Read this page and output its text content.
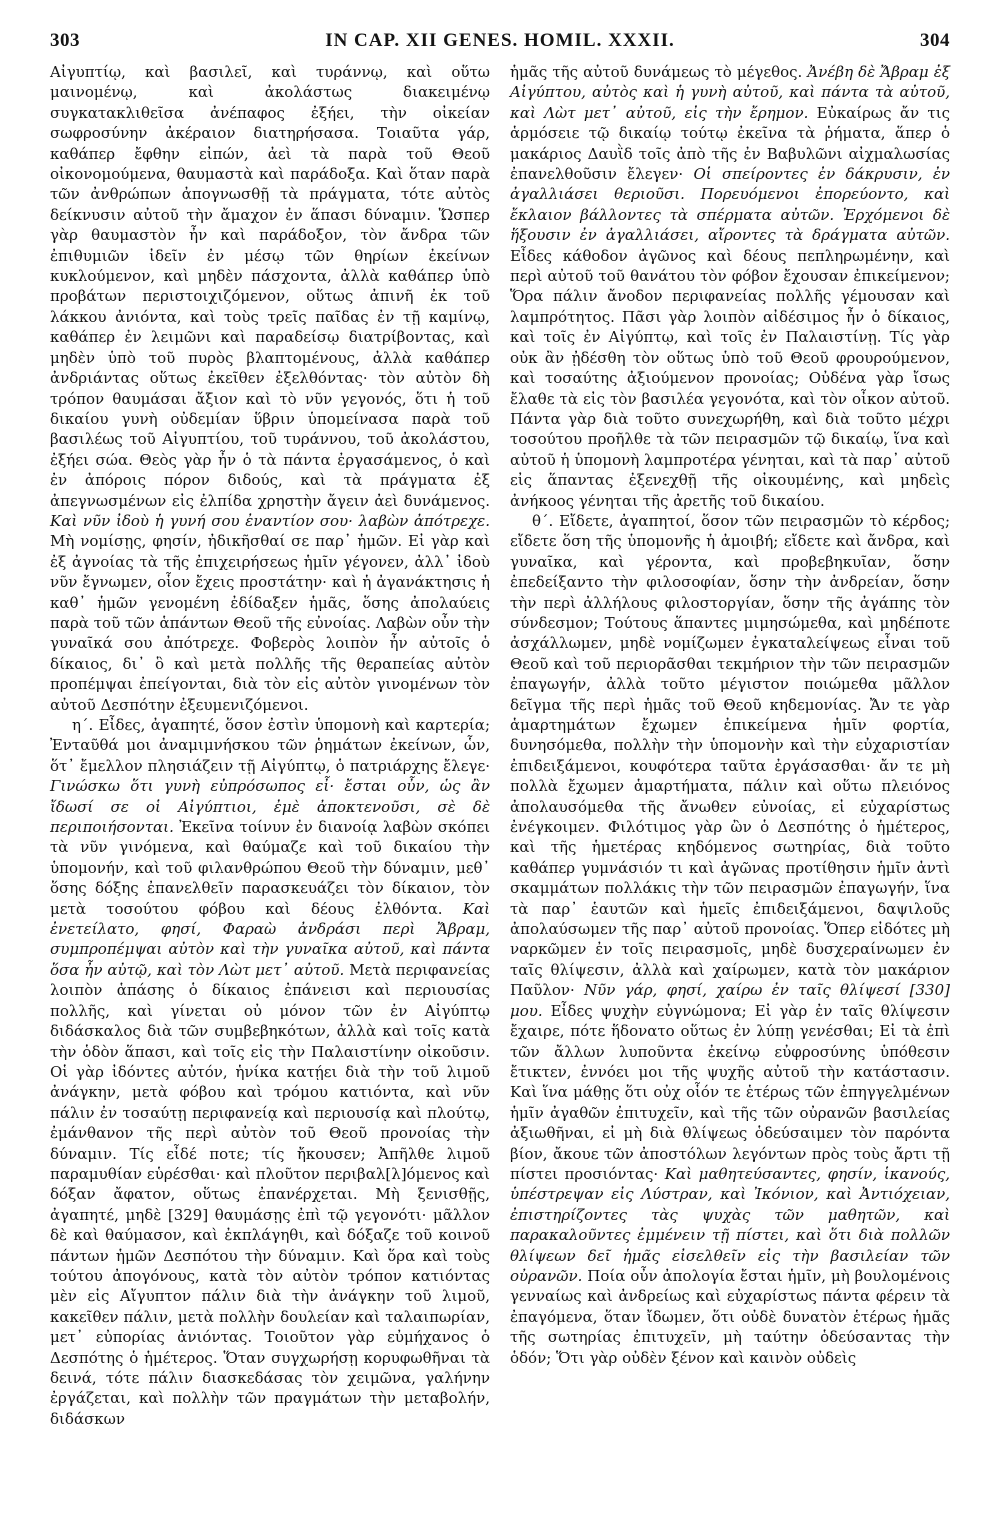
303	IN CAP. XII GENES. HOMIL. XXXII.	304

Αἰγυπτίῳ, καὶ βασιλεῖ, καὶ τυράννῳ, καὶ οὕτω μαινομένῳ, καὶ ἀκολάστως διακειμένῳ συγκατακλιθεῖσα ἀνέπαφος ἐξήει, τὴν οἰκείαν σωφροσύνην ἀκέραιον διατηρήσασα. Τοιαῦτα γάρ, καθάπερ ἔφθην εἰπών, ἀεὶ τὰ παρὰ τοῦ Θεοῦ οἰκονομούμενα, θαυμαστὰ καὶ παράδοξα. Καὶ ὅταν παρὰ τῶν ἀνθρώπων ἀπογνωσθῇ τὰ πράγματα, τότε αὐτὸς δείκνυσιν αὐτοῦ τὴν ἄμαχον ἐν ἅπασι δύναμιν. Ὥσπερ γὰρ θαυμαστὸν ἦν καὶ παράδοξον, τὸν ἄνδρα τῶν ἐπιθυμιῶν ἰδεῖν ἐν μέσῳ τῶν θηρίων ἐκείνων κυκλούμενον, καὶ μηδὲν πάσχοντα, ἀλλὰ καθάπερ ὑπὸ προβάτων περιστοιχιζόμενον, οὕτως ἀπινῆ ἐκ τοῦ λάκκου ἀνιόντα, καὶ τοὺς τρεῖς παῖδας ἐν τῇ καμίνῳ, καθάπερ ἐν λειμῶνι καὶ παραδείσῳ διατρίβοντας, καὶ μηδὲν ὑπὸ τοῦ πυρὸς βλαπτομένους, ἀλλὰ καθάπερ ἀνδριάντας οὕτως ἐκεῖθεν ἐξελθόντας· τὸν αὐτὸν δὴ τρόπον θαυμάσαι ἄξιον καὶ τὸ νῦν γεγονός, ὅτι ἡ τοῦ δικαίου γυνὴ οὐδεμίαν ὕβριν ὑπομείνασα παρὰ τοῦ βασιλέως τοῦ Αἰγυπτίου, τοῦ τυράννου, τοῦ ἀκολάστου, ἐξήει σώα. Θεὸς γὰρ ἦν ὁ τὰ πάντα ἐργασάμενος, ὁ καὶ ἐν ἀπόροις πόρον διδούς, καὶ τὰ πράγματα ἐξ ἀπεγνωσμένων εἰς ἐλπίδα χρηστὴν ἄγειν ἀεὶ δυνάμενος. Καὶ νῦν ἰδοὺ ἡ γυνή σου ἐναντίον σου· λαβὼν ἀπότρεχε. Μὴ νομίσῃς, φησίν, ἠδικῆσθαί σε παρ᾽ ἡμῶν. Εἰ γὰρ καὶ ἐξ ἀγνοίας τὰ τῆς ἐπιχειρήσεως ἡμῖν γέγονεν, ἀλλ᾽ ἰδοὺ νῦν ἔγνωμεν, οἷον ἔχεις προστάτην· καὶ ἡ ἀγανάκτησις ἡ καθ᾽ ἡμῶν γενομένη ἐδίδαξεν ἡμᾶς, ὅσης ἀπολαύεις παρὰ τοῦ τῶν ἁπάντων Θεοῦ τῆς εὐνοίας. Λαβὼν οὖν τὴν γυναῖκά σου ἀπότρεχε. Φοβερὸς λοιπὸν ἦν αὐτοῖς ὁ δίκαιος, δι᾽ ὃ καὶ μετὰ πολλῆς τῆς θεραπείας αὐτὸν προπέμψαι ἐπείγονται, διὰ τὸν εἰς αὐτὸν γινομένων τὸν αὐτοῦ Δεσπότην ἐξευμενιζόμενοι.

η΄. Εἶδες, ἀγαπητέ, ὅσον ἐστὶν ὑπομονὴ καὶ καρτερία; Ἐνταῦθά μοι ἀναμιμνήσκου τῶν ῥημάτων ἐκείνων, ὧν, ὅτ᾽ ἔμελλον πλησιάζειν τῇ Αἰγύπτῳ, ὁ πατριάρχης ἔλεγε· Γινώσκω ὅτι γυνὴ εὐπρόσωπος εἶ· ἔσται οὖν, ὡς ἂν ἴδωσί σε οἱ Αἰγύπτιοι, ἐμὲ ἀποκτενοῦσι, σὲ δὲ περιποιήσονται. Ἐκεῖνα τοίνυν ἐν διανοίᾳ λαβὼν σκόπει τὰ νῦν γινόμενα, καὶ θαύμαζε καὶ τοῦ δικαίου τὴν ὑπομονήν, καὶ τοῦ φιλανθρώπου Θεοῦ τὴν δύναμιν, μεθ᾽ ὅσης δόξης ἐπανελθεῖν παρασκευάζει τὸν δίκαιον, τὸν μετὰ τοσούτου φόβου καὶ δέους ἐλθόντα. Καὶ ἐνετείλατο, φησί, Φαραὼ ἀνδράσι περὶ Ἄβραμ, συμπροπέμψαι αὐτὸν καὶ τὴν γυναῖκα αὐτοῦ, καὶ πάντα ὅσα ἦν αὐτῷ, καὶ τὸν Λὼτ μετ᾽ αὐτοῦ. Μετὰ περιφανείας λοιπὸν ἁπάσης ὁ δίκαιος ἐπάνεισι καὶ περιουσίας πολλῆς, καὶ γίνεται οὐ μόνον τῶν ἐν Αἰγύπτῳ διδάσκαλος διὰ τῶν συμβεβηκότων, ἀλλὰ καὶ τοῖς κατὰ τὴν ὁδὸν ἅπασι, καὶ τοῖς εἰς τὴν Παλαιστίνην οἰκοῦσιν. Οἱ γὰρ ἰδόντες αὐτόν, ἡνίκα κατῄει διὰ τὴν τοῦ λιμοῦ ἀνάγκην, μετὰ φόβου καὶ τρόμου κατιόντα, καὶ νῦν πάλιν ἐν τοσαύτῃ περιφανείᾳ καὶ περιουσίᾳ καὶ πλούτῳ, ἐμάνθανον τῆς περὶ αὐτὸν τοῦ Θεοῦ προνοίας τὴν δύναμιν. Τίς εἶδέ ποτε; τίς ἤκουσεν; Ἀπῆλθε λιμοῦ παραμυθίαν εὑρέσθαι· καὶ πλοῦτον περιβαλ[λ]όμενος καὶ δόξαν ἄφατον, οὕτως ἐπανέρχεται. Μὴ ξενισθῇς, ἀγαπητέ, μηδὲ [329] θαυμάσῃς ἐπὶ τῷ γεγονότι· μᾶλλον δὲ καὶ θαύμασον, καὶ ἐκπλάγηθι, καὶ δόξαζε τοῦ κοινοῦ πάντων ἡμῶν Δεσπότου τὴν δύναμιν. Καὶ ὅρα καὶ τοὺς τούτου ἀπογόνους, κατὰ τὸν αὐτὸν τρόπον κατιόντας μὲν εἰς Αἴγυπτον πάλιν διὰ τὴν ἀνάγκην τοῦ λιμοῦ, κακεῖθεν πάλιν, μετὰ πολλὴν δουλείαν καὶ ταλαιπωρίαν, μετ᾽ εὐπορίας ἀνιόντας. Τοιοῦτον γὰρ εὐμήχανος ὁ Δεσπότης ὁ ἡμέτερος. Ὅταν συγχωρήσῃ κορυφωθῆναι τὰ δεινά, τότε πάλιν διασκεδάσας τὸν χειμῶνα, γαλήνην ἐργάζεται, καὶ πολλὴν τῶν πραγμάτων τὴν μεταβολήν, διδάσκων

ἡμᾶς τῆς αὐτοῦ δυνάμεως τὸ μέγεθος. Ἀνέβη δὲ Ἄβραμ ἐξ Αἰγύπτου, αὐτὸς καὶ ἡ γυνὴ αὐτοῦ, καὶ πάντα τὰ αὐτοῦ, καὶ Λὼτ μετ᾽ αὐτοῦ, εἰς τὴν ἔρημον. Εὐκαίρως ἄν τις ἁρμόσειε τῷ δικαίῳ τούτῳ ἐκεῖνα τὰ ῥήματα, ἅπερ ὁ μακάριος Δαυῒδ τοῖς ἀπὸ τῆς ἐν Βαβυλῶνι αἰχμαλωσίας ἐπανελθοῦσιν ἔλεγεν· Οἱ σπείροντες ἐν δάκρυσιν, ἐν ἀγαλλιάσει θεριοῦσι. Πορευόμενοι ἐπορεύοντο, καὶ ἔκλαιον βάλλοντες τὰ σπέρματα αὐτῶν. Ἐρχόμενοι δὲ ἥξουσιν ἐν ἀγαλλιάσει, αἴροντες τὰ δράγματα αὐτῶν. Εἶδες κάθοδον ἀγῶνος καὶ δέους πεπληρωμένην, καὶ περὶ αὐτοῦ τοῦ θανάτου τὸν φόβον ἔχουσαν ἐπικείμενον; Ὅρα πάλιν ἄνοδον περιφανείας πολλῆς γέμουσαν καὶ λαμπρότητος. Πᾶσι γὰρ λοιπὸν αἰδέσιμος ἦν ὁ δίκαιος, καὶ τοῖς ἐν Αἰγύπτῳ, καὶ τοῖς ἐν Παλαιστίνῃ. Τίς γὰρ οὐκ ἂν ᾐδέσθη τὸν οὕτως ὑπὸ τοῦ Θεοῦ φρουρούμενον, καὶ τοσαύτης ἀξιούμενον προνοίας; Οὐδένα γὰρ ἴσως ἔλαθε τὰ εἰς τὸν βασιλέα γεγονότα, καὶ τὸν οἶκον αὐτοῦ. Πάντα γὰρ διὰ τοῦτο συνεχωρήθη, καὶ διὰ τοῦτο μέχρι τοσούτου προῆλθε τὰ τῶν πειρασμῶν τῷ δικαίῳ, ἵνα καὶ αὐτοῦ ἡ ὑπομονὴ λαμπροτέρα γένηται, καὶ τὰ παρ᾽ αὐτοῦ εἰς ἅπαντας ἐξενεχθῇ τῆς οἰκουμένης, καὶ μηδεὶς ἀνήκοος γένηται τῆς ἀρετῆς τοῦ δικαίου.

θ΄. Εἴδετε, ἀγαπητοί, ὅσον τῶν πειρασμῶν τὸ κέρδος; εἴδετε ὅση τῆς ὑπομονῆς ἡ ἀμοιβή; εἴδετε καὶ ἄνδρα, καὶ γυναῖκα, καὶ γέροντα, καὶ προβεβηκυῖαν, ὅσην ἐπεδείξαντο τὴν φιλοσοφίαν, ὅσην τὴν ἀνδρείαν, ὅσην τὴν περὶ ἀλλήλους φιλοστοργίαν, ὅσην τῆς ἀγάπης τὸν σύνδεσμον; Τούτους ἅπαντες μιμησώμεθα, καὶ μηδέποτε ἀσχάλλωμεν, μηδὲ νομίζωμεν ἐγκαταλείψεως εἶναι τοῦ Θεοῦ καὶ τοῦ περιορᾶσθαι τεκμήριον τὴν τῶν πειρασμῶν ἐπαγωγήν, ἀλλὰ τοῦτο μέγιστον ποιώμεθα μᾶλλον δεῖγμα τῆς περὶ ἡμᾶς τοῦ Θεοῦ κηδεμονίας. Ἄν τε γὰρ ἁμαρτημάτων ἔχωμεν ἐπικείμενα ἡμῖν φορτία, δυνησόμεθα, πολλὴν τὴν ὑπομονὴν καὶ τὴν εὐχαριστίαν ἐπιδειξάμενοι, κουφότερα ταῦτα ἐργάσασθαι· ἄν τε μὴ πολλὰ ἔχωμεν ἁμαρτήματα, πάλιν καὶ οὕτω πλειόνος ἀπολαυσόμεθα τῆς ἄνωθεν εὐνοίας, εἰ εὐχαρίστως ἐνέγκοιμεν. Φιλότιμος γὰρ ὢν ὁ Δεσπότης ὁ ἡμέτερος, καὶ τῆς ἡμετέρας κηδόμενος σωτηρίας, διὰ τοῦτο καθάπερ γυμνάσιόν τι καὶ ἀγῶνας προτίθησιν ἡμῖν ἀντὶ σκαμμάτων πολλάκις τὴν τῶν πειρασμῶν ἐπαγωγήν, ἵνα τὰ παρ᾽ ἑαυτῶν καὶ ἡμεῖς ἐπιδειξάμενοι, δαψιλοῦς ἀπολαύσωμεν τῆς παρ᾽ αὐτοῦ προνοίας. Ὅπερ εἰδότες μὴ ναρκῶμεν ἐν τοῖς πειρασμοῖς, μηδὲ δυσχεραίνωμεν ἐν ταῖς θλίψεσιν, ἀλλὰ καὶ χαίρωμεν, κατὰ τὸν μακάριον Παῦλον· Νῦν γάρ, φησί, χαίρω ἐν ταῖς θλίψεσί [330] μου. Εἶδες ψυχὴν εὐγνώμονα; Εἰ γὰρ ἐν ταῖς θλίψεσιν ἔχαιρε, πότε ἥδονατο οὕτως ἐν λύπῃ γενέσθαι; Εἰ τὰ ἐπὶ τῶν ἄλλων λυποῦντα ἐκείνῳ εὐφροσύνης ὑπόθεσιν ἔτικτεν, ἐννόει μοι τῆς ψυχῆς αὐτοῦ τὴν κατάστασιν. Καὶ ἵνα μάθῃς ὅτι οὐχ οἷόν τε ἑτέρως τῶν ἐπηγγελμένων ἡμῖν ἀγαθῶν ἐπιτυχεῖν, καὶ τῆς τῶν οὐρανῶν βασιλείας ἀξιωθῆναι, εἰ μὴ διὰ θλίψεως ὁδεύσαιμεν τὸν παρόντα βίον, ἄκουε τῶν ἀποστόλων λεγόντων πρὸς τοὺς ἄρτι τῇ πίστει προσιόντας· Καὶ μαθητεύσαντες, φησίν, ἱκανούς, ὑπέστρεψαν εἰς Λύστραν, καὶ Ἰκόνιον, καὶ Ἀντιόχειαν, ἐπιστηρίζοντες τὰς ψυχὰς τῶν μαθητῶν, καὶ παρακαλοῦντες ἐμμένειν τῇ πίστει, καὶ ὅτι διὰ πολλῶν θλίψεων δεῖ ἡμᾶς εἰσελθεῖν εἰς τὴν βασιλείαν τῶν οὐρανῶν. Ποία οὖν ἀπολογία ἔσται ἡμῖν, μὴ βουλομένοις γενναίως καὶ ἀνδρείως καὶ εὐχαρίστως πάντα φέρειν τὰ ἐπαγόμενα, ὅταν ἴδωμεν, ὅτι οὐδὲ δυνατὸν ἑτέρως ἡμᾶς τῆς σωτηρίας ἐπιτυχεῖν, μὴ ταύτην ὁδεύσαντας τὴν ὁδόν; Ὅτι γὰρ οὐδὲν ξένον καὶ καινὸν οὐδεὶς
